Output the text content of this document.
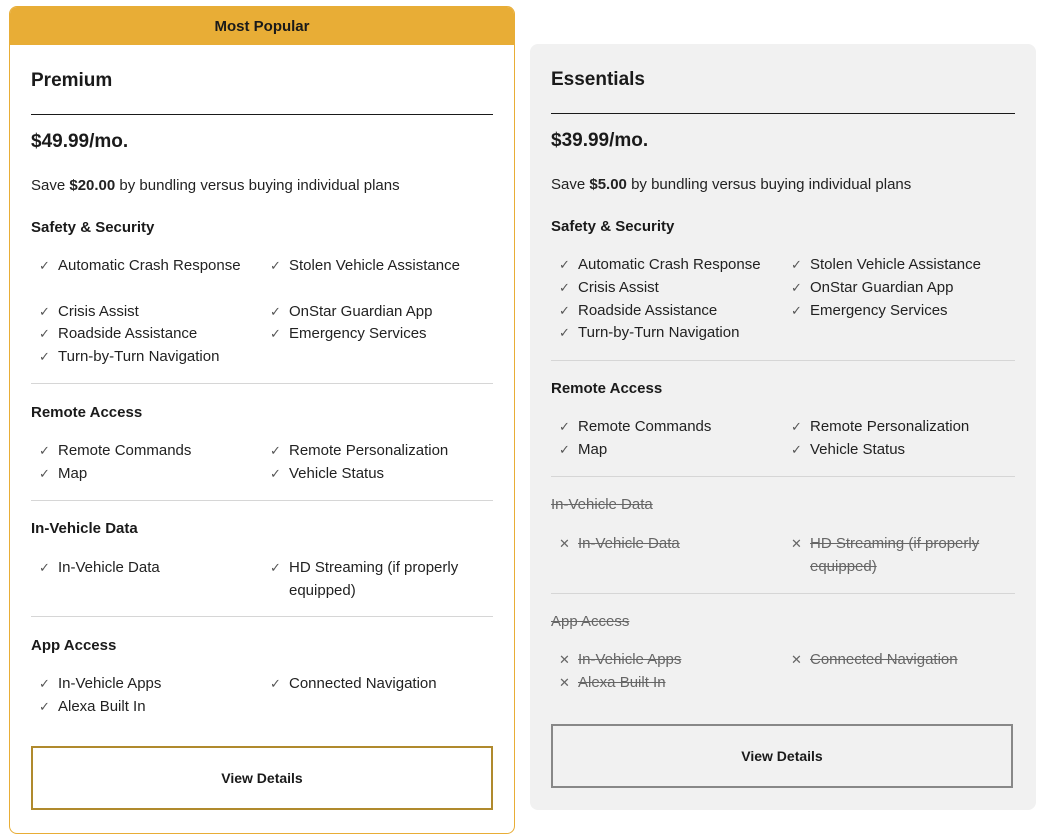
Most Popular
Premium
$49.99/mo.
Save $20.00 by bundling versus buying individual plans
Safety & Security
✓ Automatic Crash Response ✓ Stolen Vehicle Assistance
✓ Crisis Assist	✓ OnStar Guardian App
✓ Roadside Assistance	✓ Emergency Services
✓ Turn-by-Turn Navigation
Remote Access
✓ Remote Commands	✓ Remote Personalization
✓ Map	✓ Vehicle Status
In-Vehicle Data
✓ In-Vehicle Data	✓ HD Streaming (if properly equipped)
App Access
✓ In-Vehicle Apps	✓ Connected Navigation
✓ Alexa Built In
View Details
Essentials
$39.99/mo.
Save $5.00 by bundling versus buying individual plans
Safety & Security
✓ Automatic Crash Response ✓ Stolen Vehicle Assistance
✓ Crisis Assist	✓ OnStar Guardian App
✓ Roadside Assistance	✓ Emergency Services
✓ Turn-by-Turn Navigation
Remote Access
✓ Remote Commands	✓ Remote Personalization
✓ Map	✓ Vehicle Status
In-Vehicle Data
✕ In-Vehicle Data	✕ HD Streaming (if properly equipped)
App Access
✕ In-Vehicle Apps	✕ Connected Navigation
✕ Alexa Built In
View Details
